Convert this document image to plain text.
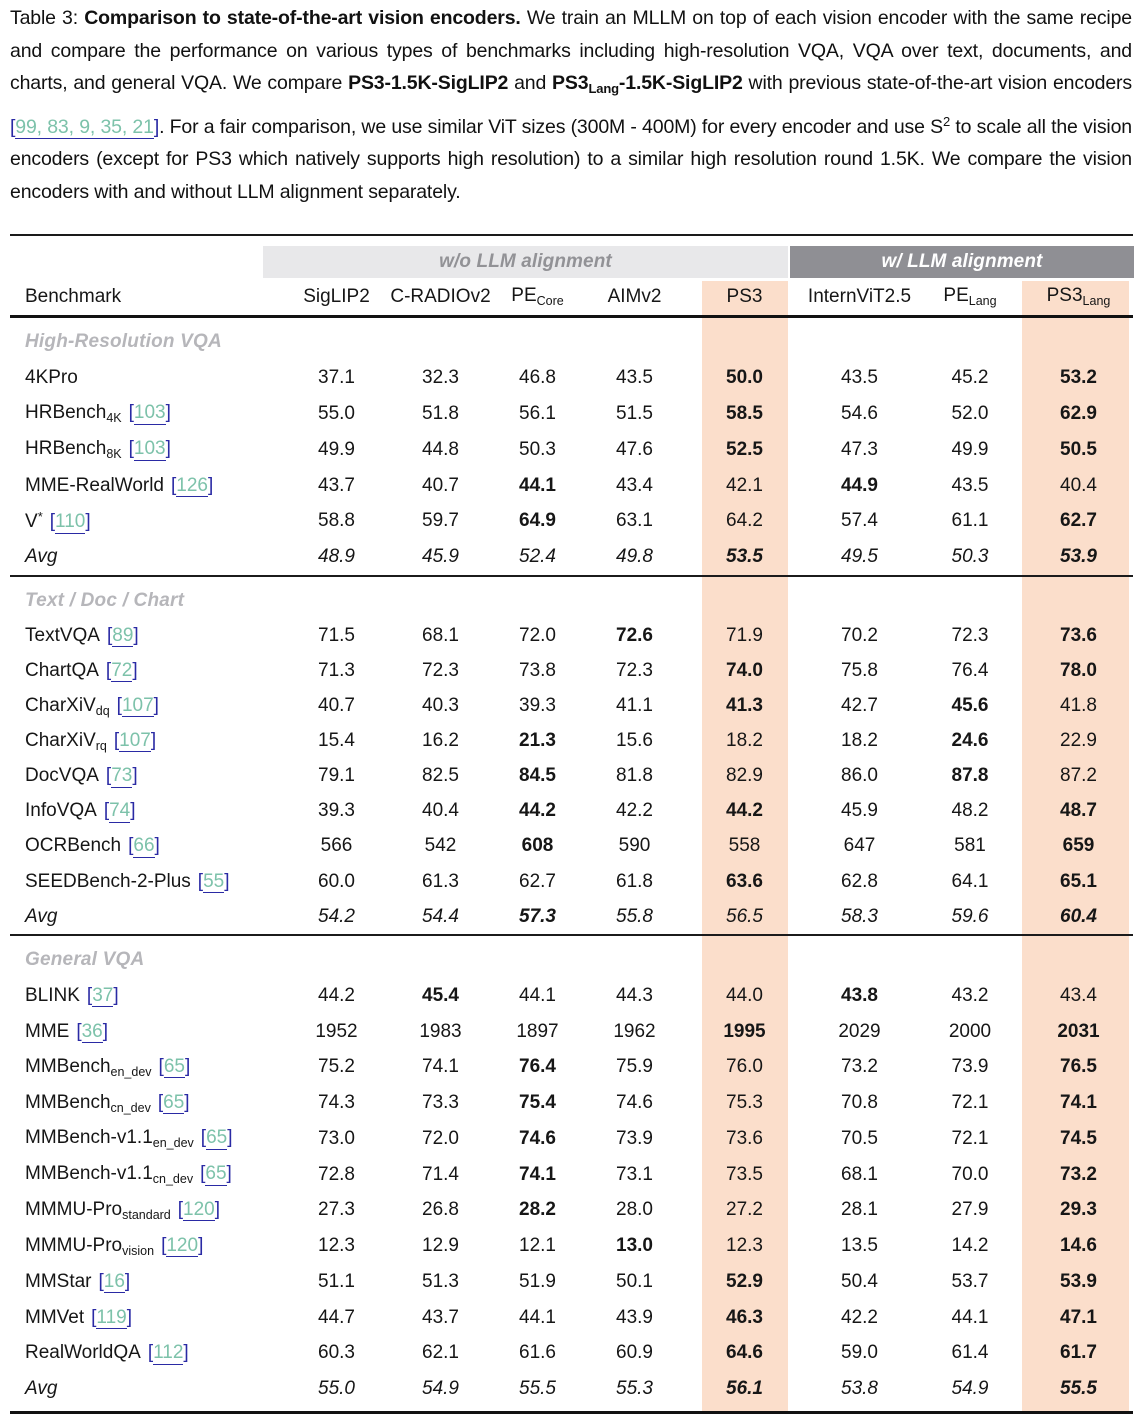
Table 3: Comparison to state-of-the-art vision encoders. We train an MLLM on top of each vision encoder with the same recipe and compare the performance on various types of benchmarks including high-resolution VQA, VQA over text, documents, and charts, and general VQA. We compare PS3-1.5K-SigLIP2 and $PS3_{Lang}-1.5K-SigLIP2$ with previous state-of-the-art vision encoders [99, 83, 9, 35, 21]. For a fair comparison, we use similar ViT sizes (300M - 400M) for every encoder and use $S^2$ to scale all the vision encoders (except for PS3 which natively supports high resolution) to a similar high resolution round 1.5K. We compare the vision encoders with and without LLM alignment separately.

w/o LLM alignment	w/ LLM alignment
Benchmark	SigLIP2	C-RADIOv2	$PE_{Core}$	AIMv2	PS3	InternViT2.5	$PE_{Lang}$	$PS3_{Lang}$
High-Resolution VQA
4KPro	37.1	32.3	46.8	43.5	50.0	43.5	45.2	53.2
HRBench$_{4K}$ [103]	55.0	51.8	56.1	51.5	58.5	54.6	52.0	62.9
HRBench$_{8K}$ [103]	49.9	44.8	50.3	47.6	52.5	47.3	49.9	50.5
MME-RealWorld [126]	43.7	40.7	44.1	43.4	42.1	44.9	43.5	40.4
V* [110]	58.8	59.7	64.9	63.1	64.2	57.4	61.1	62.7
Avg	48.9	45.9	52.4	49.8	53.5	49.5	50.3	53.9
Text / Doc / Chart
TextVQA [89]	71.5	68.1	72.0	72.6	71.9	70.2	72.3	73.6
ChartQA [72]	71.3	72.3	73.8	72.3	74.0	75.8	76.4	78.0
CharXiV$_{dq}$ [107]	40.7	40.3	39.3	41.1	41.3	42.7	45.6	41.8
CharXiV$_{rq}$ [107]	15.4	16.2	21.3	15.6	18.2	18.2	24.6	22.9
DocVQA [73]	79.1	82.5	84.5	81.8	82.9	86.0	87.8	87.2
InfoVQA [74]	39.3	40.4	44.2	42.2	44.2	45.9	48.2	48.7
OCRBench [66]	566	542	608	590	558	647	581	659
SEEDBench-2-Plus [55]	60.0	61.3	62.7	61.8	63.6	62.8	64.1	65.1
Avg	54.2	54.4	57.3	55.8	56.5	58.3	59.6	60.4
General VQA
BLINK [37]	44.2	45.4	44.1	44.3	44.0	43.8	43.2	43.4
MME [36]	1952	1983	1897	1962	1995	2029	2000	2031
MMBench$_{en\_dev}$ [65]	75.2	74.1	76.4	75.9	76.0	73.2	73.9	76.5
MMBench$_{cn\_dev}$ [65]	74.3	73.3	75.4	74.6	75.3	70.8	72.1	74.1
MMBench-$v1.1_{en\_dev}$ [65]	73.0	72.0	74.6	73.9	73.6	70.5	72.1	74.5
MMBench-$v1.1_{cn\_dev}$ [65]	72.8	71.4	74.1	73.1	73.5	68.1	70.0	73.2
MMMU-Pro$_{standard}$ [120]	27.3	26.8	28.2	28.0	27.2	28.1	27.9	29.3
MMMU-Pro$_{vision}$ [120]	12.3	12.9	12.1	13.0	12.3	13.5	14.2	14.6
MMStar [16]	51.1	51.3	51.9	50.1	52.9	50.4	53.7	53.9
MMVet [119]	44.7	43.7	44.1	43.9	46.3	42.2	44.1	47.1
RealWorldQA [112]	60.3	62.1	61.6	60.9	64.6	59.0	61.4	61.7
Avg	55.0	54.9	55.5	55.3	56.1	53.8	54.9	55.5
